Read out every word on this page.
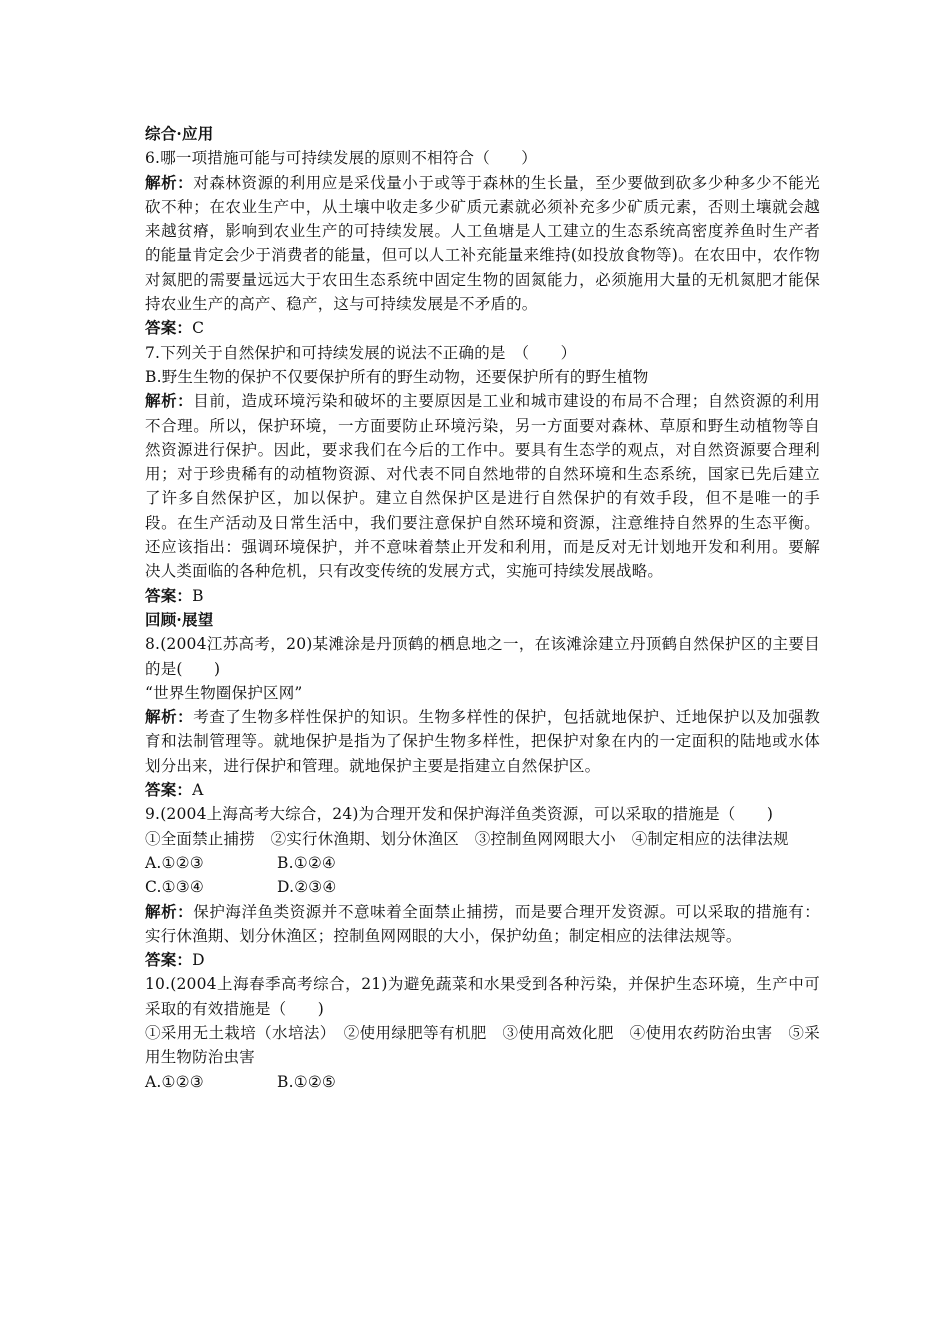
综合·应用
6.哪一项措施可能与可持续发展的原则不相符合（　　）
解析：对森林资源的利用应是采伐量小于或等于森林的生长量，至少要做到砍多少种多少不能光砍不种；在农业生产中，从土壤中收走多少矿质元素就必须补充多少矿质元素，否则土壤就会越来越贫瘠，影响到农业生产的可持续发展。人工鱼塘是人工建立的生态系统高密度养鱼时生产者的能量肯定会少于消费者的能量，但可以人工补充能量来维持(如投放食物等)。在农田中，农作物对氮肥的需要量远远大于农田生态系统中固定生物的固氮能力，必须施用大量的无机氮肥才能保持农业生产的高产、稳产，这与可持续发展是不矛盾的。
答案：C
7.下列关于自然保护和可持续发展的说法不正确的是　（　　）
B.野生生物的保护不仅要保护所有的野生动物，还要保护所有的野生植物
解析：目前，造成环境污染和破坏的主要原因是工业和城市建设的布局不合理；自然资源的利用不合理。所以，保护环境，一方面要防止环境污染，另一方面要对森林、草原和野生动植物等自然资源进行保护。因此，要求我们在今后的工作中。要具有生态学的观点，对自然资源要合理利用；对于珍贵稀有的动植物资源、对代表不同自然地带的自然环境和生态系统，国家已先后建立了许多自然保护区，加以保护。建立自然保护区是进行自然保护的有效手段，但不是唯一的手段。在生产活动及日常生活中，我们要注意保护自然环境和资源，注意维持自然界的生态平衡。还应该指出：强调环境保护，并不意味着禁止开发和利用，而是反对无计划地开发和利用。要解决人类面临的各种危机，只有改变传统的发展方式，实施可持续发展战略。
答案：B
回顾·展望
8.(2004江苏高考，20)某滩涂是丹顶鹤的栖息地之一，在该滩涂建立丹顶鹤自然保护区的主要目的是(　　)
“世界生物圈保护区网”
解析：考查了生物多样性保护的知识。生物多样性的保护，包括就地保护、迁地保护以及加强教育和法制管理等。就地保护是指为了保护生物多样性，把保护对象在内的一定面积的陆地或水体划分出来，进行保护和管理。就地保护主要是指建立自然保护区。
答案：A
9.(2004上海高考大综合，24)为合理开发和保护海洋鱼类资源，可以采取的措施是（　　)
①全面禁止捕捞　②实行休渔期、划分休渔区　③控制鱼网网眼大小　④制定相应的法律法规
A.①②③	B.①②④
C.①③④	D.②③④
解析：保护海洋鱼类资源并不意味着全面禁止捕捞，而是要合理开发资源。可以采取的措施有：实行休渔期、划分休渔区；控制鱼网网眼的大小，保护幼鱼；制定相应的法律法规等。
答案：D
10.(2004上海春季高考综合，21)为避免蔬菜和水果受到各种污染，并保护生态环境，生产中可采取的有效措施是（　　)
①采用无土栽培（水培法）　②使用绿肥等有机肥　③使用高效化肥　④使用农药防治虫害　⑤采用生物防治虫害
A.①②③	B.①②⑤
